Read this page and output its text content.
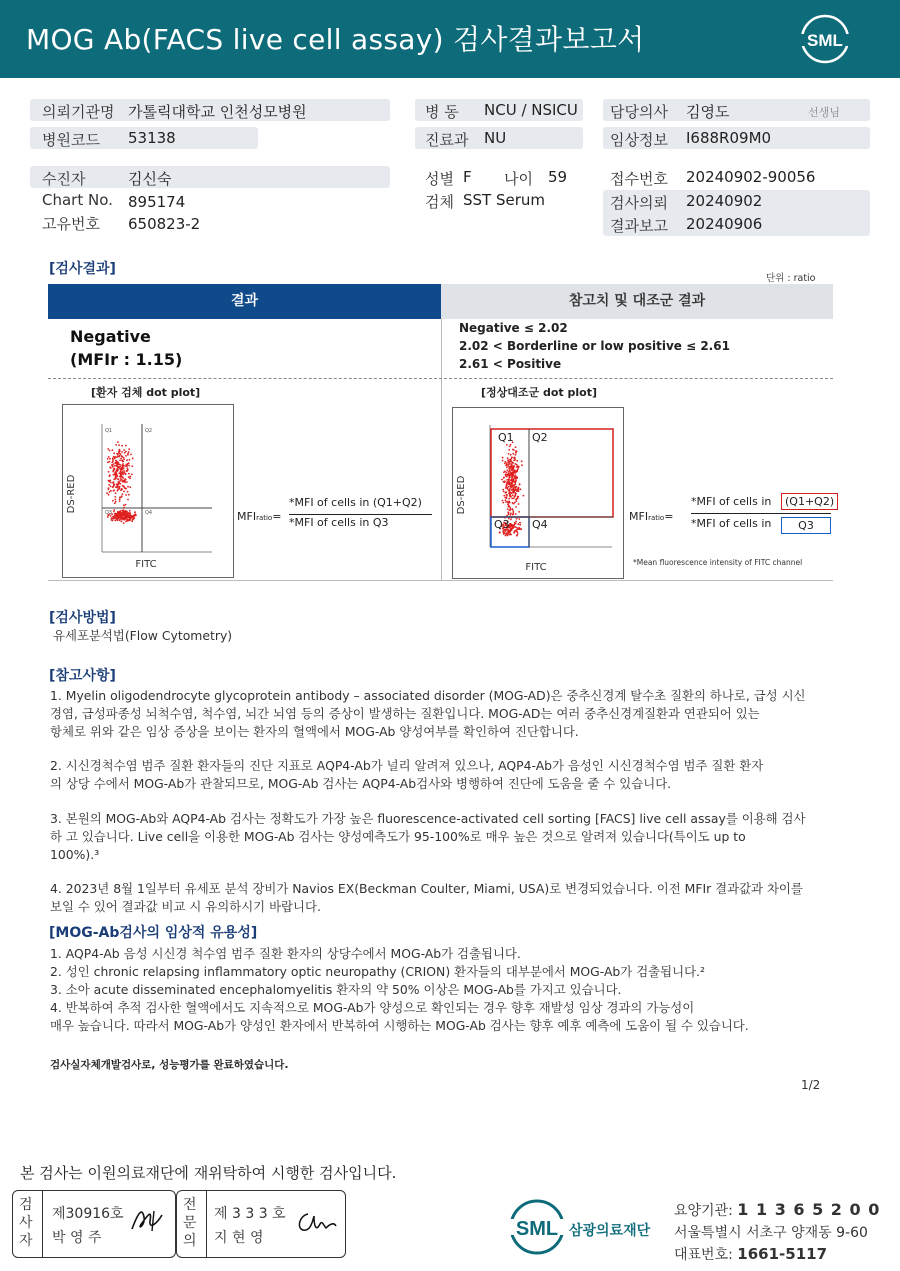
MOG Ab(FACS live cell assay) 검사결과보고서	SML
의뢰기관명 가톨릭대학교 인천성모병원
병원코드 53138
병 동 NCU / NSICU
진료과 NU
담당의사 김영도	선생님
임상정보 I688R09M0
수진자	김신숙
Chart No. 895174
고유번호 650823-2
성별 F 나이 59
검체 SST Serum
접수번호 20240902-90056
검사의뢰 20240902
결과보고 20240906
[검사결과]
단위 : ratio
결과	참고치 및 대조군 결과
Negative
(MFIr : 1.15)
Negative ≤ 2.02
2.02 < Borderline or low positive ≤ 2.61
2.61 < Positive
[환자 검체 dot plot]
Q1	Q2
Q3	Q4
FITC
DS-RED
MFIratio=
*MFI of cells in (Q1+Q2)
*MFI of cells in Q3
[정상대조군 dot plot]
Q1 Q2
Q3 Q4
FITC
DS-RED
MFIratio=
*MFI of cells in	(Q1+Q2)
*MFI of cells in	Q3
*Mean fluorescence intensity of FITC channel
[검사방법]
유세포분석법(Flow Cytometry)
[참고사항]
1. Myelin oligodendrocyte glycoprotein antibody – associated disorder (MOG-AD)은 중추신경계 탈수초 질환의 하나로, 급성 시신
경염, 급성파종성 뇌척수염, 척수염, 뇌간 뇌염 등의 증상이 발생하는 질환입니다. MOG-AD는 여러 중추신경계질환과 연관되어 있는
항체로 위와 같은 임상 증상을 보이는 환자의 혈액에서 MOG-Ab 양성여부를 확인하여 진단합니다.
2. 시신경척수염 범주 질환 환자들의 진단 지표로 AQP4-Ab가 널리 알려져 있으나, AQP4-Ab가 음성인 시신경척수염 범주 질환 환자
의 상당 수에서 MOG-Ab가 관찰되므로, MOG-Ab 검사는 AQP4-Ab검사와 병행하여 진단에 도움을 줄 수 있습니다.
3. 본원의 MOG-Ab와 AQP4-Ab 검사는 정확도가 가장 높은 fluorescence-activated cell sorting [FACS] live cell assay를 이용해 검사
하 고 있습니다. Live cell을 이용한 MOG-Ab 검사는 양성예측도가 95-100%로 매우 높은 것으로 알려져 있습니다(특이도 up to
100%).³
4. 2023년 8월 1일부터 유세포 분석 장비가 Navios EX(Beckman Coulter, Miami, USA)로 변경되었습니다. 이전 MFIr 결과값과 차이를
보일 수 있어 결과값 비교 시 유의하시기 바랍니다.
[MOG-Ab검사의 임상적 유용성]
1. AQP4-Ab 음성 시신경 척수염 범주 질환 환자의 상당수에서 MOG-Ab가 검출됩니다.
2. 성인 chronic relapsing inflammatory optic neuropathy (CRION) 환자들의 대부분에서 MOG-Ab가 검출됩니다.²
3. 소아 acute disseminated encephalomyelitis 환자의 약 50% 이상은 MOG-Ab를 가지고 있습니다.
4. 반복하여 추적 검사한 혈액에서도 지속적으로 MOG-Ab가 양성으로 확인되는 경우 향후 재발성 임상 경과의 가능성이
매우 높습니다. 따라서 MOG-Ab가 양성인 환자에서 반복하여 시행하는 MOG-Ab 검사는 향후 예후 예측에 도움이 될 수 있습니다.
검사실자체개발검사로, 성능평가를 완료하였습니다.
1/2
본 검사는 이원의료재단에 재위탁하여 시행한 검사입니다.
검
사
자
제30916호
박 영 주
전
문
의
제 3 3 3 호
지 현 영	SML 삼광의료재단
요양기관: 1 1 3 6 5 2 0 0
서울특별시 서초구 양재동 9-60
대표번호: 1661-5117
